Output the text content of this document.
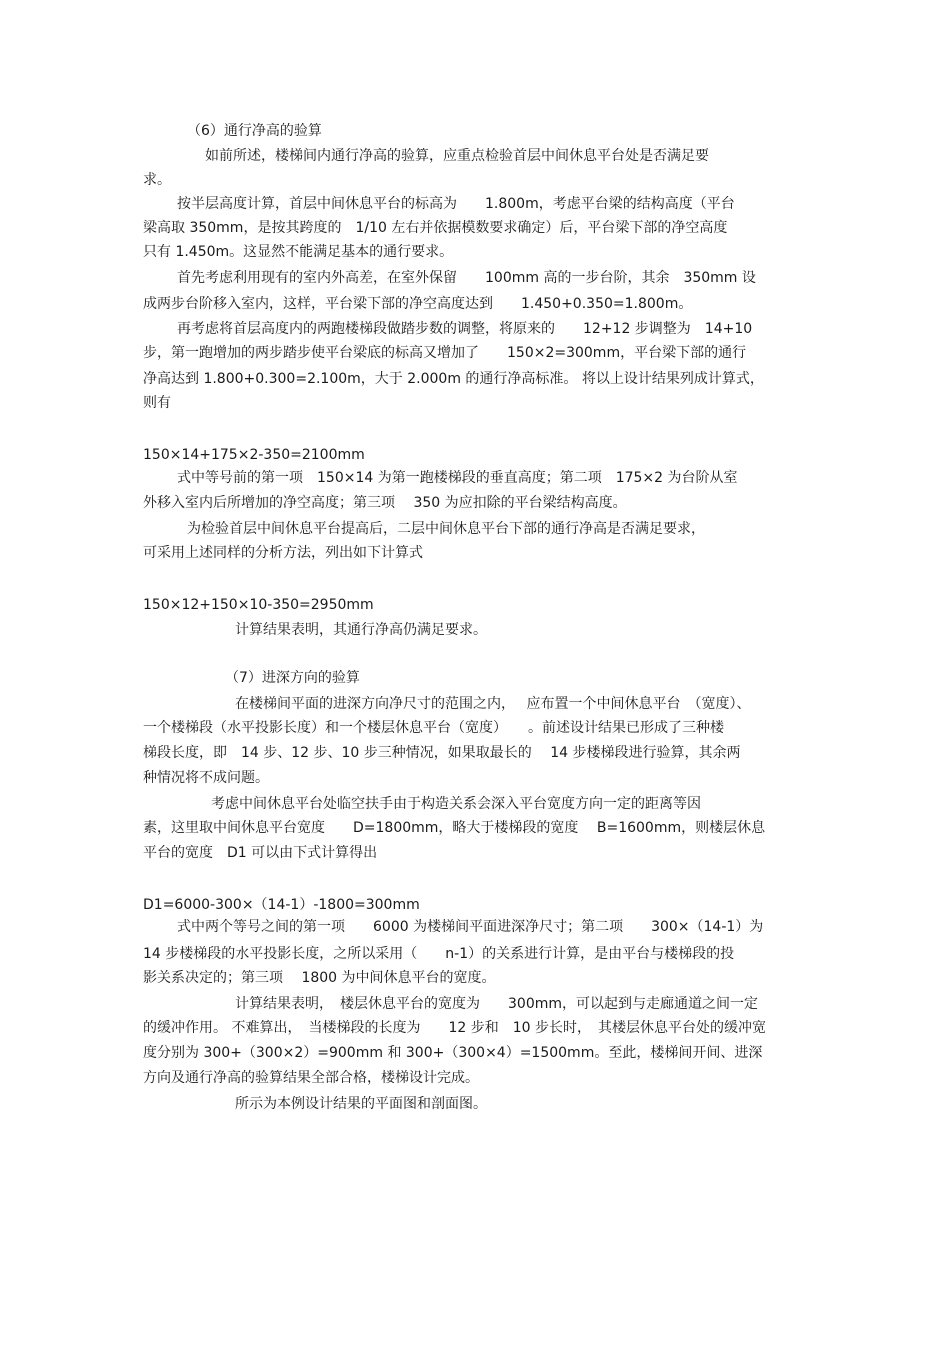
（6）通行净高的验算
如前所述，楼梯间内通行净高的验算，应重点检验首层中间休息平台处是否满足要
求。
按半层高度计算，首层中间休息平台的标高为　　1.800m，考虑平台梁的结构高度（平台
梁高取 350mm，是按其跨度的　1/10 左右并依据模数要求确定）后，平台梁下部的净空高度
只有 1.450m。这显然不能满足基本的通行要求。
首先考虑利用现有的室内外高差，在室外保留　　100mm 高的一步台阶，其余　350mm 设
成两步台阶移入室内，这样，平台梁下部的净空高度达到　　1.450+0.350=1.800m。
再考虑将首层高度内的两跑楼梯段做踏步数的调整，将原来的　　12+12 步调整为　14+10
步，第一跑增加的两步踏步使平台梁底的标高又增加了　　150×2=300mm，平台梁下部的通行
净高达到 1.800+0.300=2.100m，大于 2.000m 的通行净高标准。 将以上设计结果列成计算式，
则有
150×14+175×2-350=2100mm
式中等号前的第一项　150×14 为第一跑楼梯段的垂直高度；第二项　175×2 为台阶从室
外移入室内后所增加的净空高度；第三项　 350 为应扣除的平台梁结构高度。
为检验首层中间休息平台提高后，二层中间休息平台下部的通行净高是否满足要求，
可采用上述同样的分析方法，列出如下计算式
150×12+150×10-350=2950mm
计算结果表明，其通行净高仍满足要求。
（7）进深方向的验算
在楼梯间平面的进深方向净尺寸的范围之内，　 应布置一个中间休息平台　（宽度）、
一个楼梯段（水平投影长度）和一个楼层休息平台（宽度）　　。前述设计结果已形成了三种楼
梯段长度，即　14 步、12 步、10 步三种情况，如果取最长的　 14 步楼梯段进行验算，其余两
种情况将不成问题。
考虑中间休息平台处临空扶手由于构造关系会深入平台宽度方向一定的距离等因
素，这里取中间休息平台宽度　　D=1800mm，略大于楼梯段的宽度　 B=1600mm，则楼层休息
平台的宽度　D1 可以由下式计算得出
D1=6000-300×（14-1）-1800=300mm
式中两个等号之间的第一项　　6000 为楼梯间平面进深净尺寸；第二项　　300×（14-1）为
14 步楼梯段的水平投影长度，之所以采用（　　n-1）的关系进行计算，是由平台与楼梯段的投
影关系决定的；第三项　 1800 为中间休息平台的宽度。
计算结果表明，　楼层休息平台的宽度为　　300mm，可以起到与走廊通道之间一定
的缓冲作用。 不难算出，　当楼梯段的长度为　　12 步和　10 步长时，　其楼层休息平台处的缓冲宽
度分别为 300+（300×2）=900mm 和 300+（300×4）=1500mm。至此，楼梯间开间、进深
方向及通行净高的验算结果全部合格，楼梯设计完成。
所示为本例设计结果的平面图和剖面图。
